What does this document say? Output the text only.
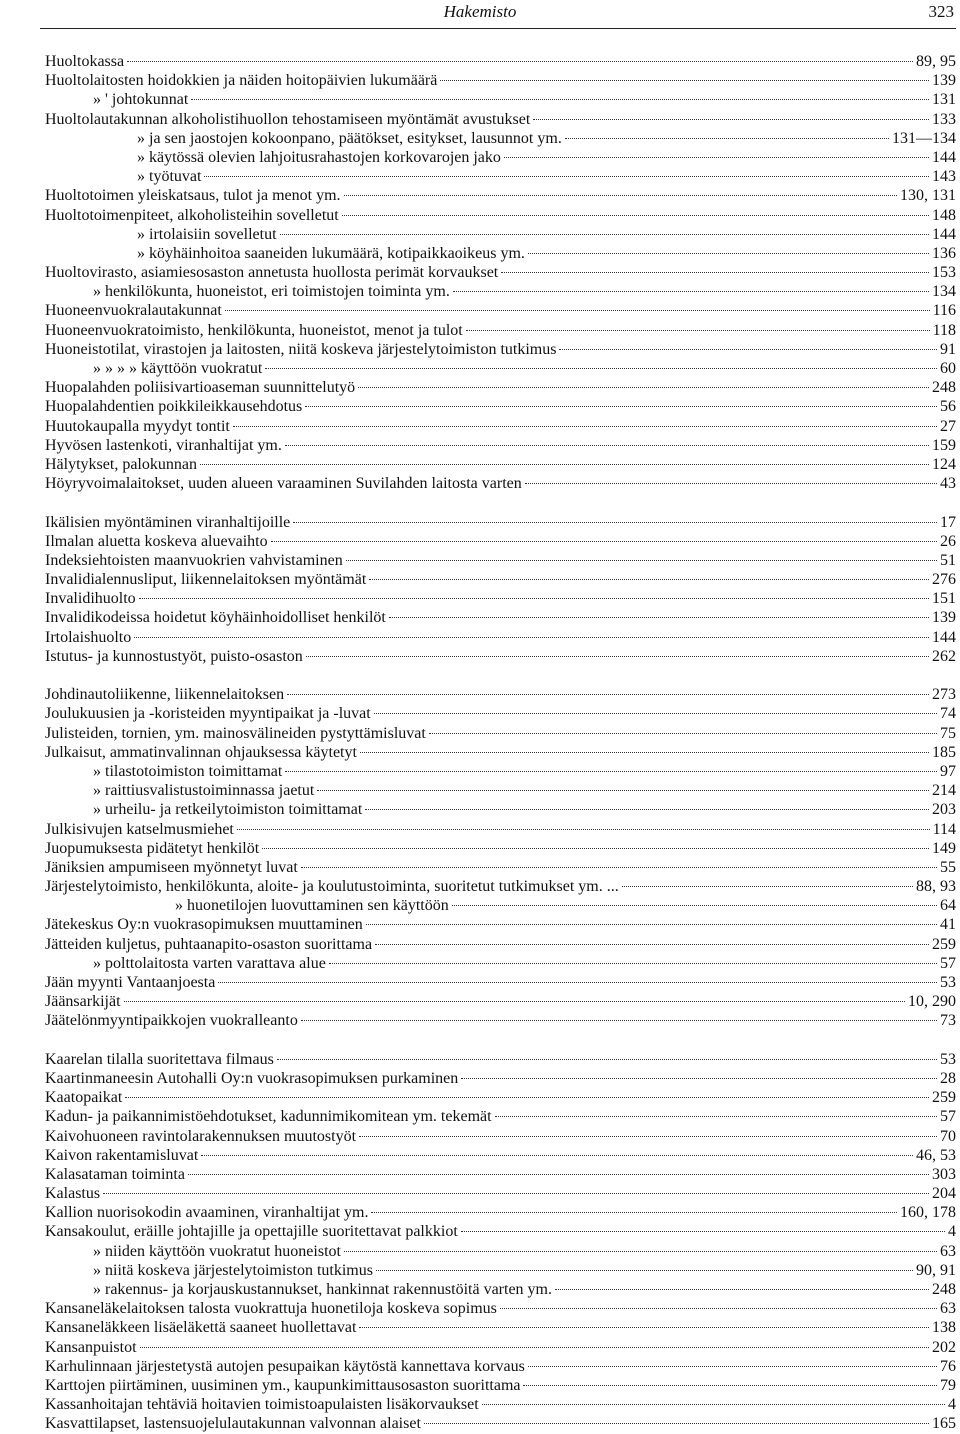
Hakemisto	323
Huoltokassa	89, 95
Huoltolaitosten hoidokkien ja näiden hoitopäivien lukumäärä	139
» ' johtokunnat	131
Huoltolautakunnan alkoholistihuollon tehostamiseen myöntämät avustukset	133
» ja sen jaostojen kokoonpano, päätökset, esitykset, lausunnot ym.	131—134
» käytössä olevien lahjoitusrahastojen korkovarojen jako	144
» työtuvat	143
Huoltotoimen yleiskatsaus, tulot ja menot ym.	130, 131
Huoltotoimenpiteet, alkoholisteihin sovelletut	148
» irtolaisiin sovelletut	144
» köyhäinhoitoa saaneiden lukumäärä, kotipaikkaoikeus ym.	136
Huoltovirasto, asiamiesosaston annetusta huollosta perimät korvaukset	153
» henkilökunta, huoneistot, eri toimistojen toiminta ym.	134
Huoneenvuokralautakunnat	116
Huoneenvuokratoimisto, henkilökunta, huoneistot, menot ja tulot	118
Huoneistotilat, virastojen ja laitosten, niitä koskeva järjestelytoimiston tutkimus	91
» » » » käyttöön vuokratut	60
Huopalahden poliisivartioaseman suunnittelutyö	248
Huopalahdentien poikkileikkausehdotus	56
Huutokaupalla myydyt tontit	27
Hyvösen lastenkoti, viranhaltijat ym.	159
Hälytykset, palokunnan	124
Höyryvoimalaitokset, uuden alueen varaaminen Suvilahden laitosta varten	43
Ikälisien myöntäminen viranhaltijoille	17
Ilmalan aluetta koskeva aluevaihto	26
Indeksiehtoisten maanvuokrien vahvistaminen	51
Invalidialennusliput, liikennelaitoksen myöntämät	276
Invalidihuolto	151
Invalidikodeissa hoidetut köyhäinhoidolliset henkilöt	139
Irtolaishuolto	144
Istutus- ja kunnostustyöt, puisto-osaston	262
Johdinautoliikenne, liikennelaitoksen	273
Joulukuusien ja -koristeiden myyntipaikat ja -luvat	74
Julisteiden, tornien, ym. mainosvälineiden pystyttämisluvat	75
Julkaisut, ammatinvalinnan ohjauksessa käytetyt	185
» tilastotoimiston toimittamat	97
» raittiusvalistustoiminnassa jaetut	214
» urheilu- ja retkeilytoimiston toimittamat	203
Julkisivujen katselmusmiehet	114
Juopumuksesta pidätetyt henkilöt	149
Jäniksien ampumiseen myönnetyt luvat	55
Järjestelytoimisto, henkilökunta, aloite- ja koulutustoiminta, suoritetut tutkimukset ym. ...	88, 93
» huonetilojen luovuttaminen sen käyttöön	64
Jätekeskus Oy:n vuokrasopimuksen muuttaminen	41
Jätteiden kuljetus, puhtaanapito-osaston suorittama	259
» polttolaitosta varten varattava alue	57
Jään myynti Vantaanjoesta	53
Jäänsarkijät	10, 290
Jäätelönmyyntipaikkojen vuokralleanto	73
Kaarelan tilalla suoritettava filmaus	53
Kaartinmaneesin Autohalli Oy:n vuokrasopimuksen purkaminen	28
Kaatopaikat	259
Kadun- ja paikannimistöehdotukset, kadunnimikomitean ym. tekemät	57
Kaivohuoneen ravintolarakennuksen muutostyöt	70
Kaivon rakentamisluvat	46, 53
Kalasataman toiminta	303
Kalastus	204
Kallion nuorisokodin avaaminen, viranhaltijat ym.	160, 178
Kansakoulut, eräille johtajille ja opettajille suoritettavat palkkiot	4
» niiden käyttöön vuokratut huoneistot	63
» niitä koskeva järjestelytoimiston tutkimus	90, 91
» rakennus- ja korjauskustannukset, hankinnat rakennustöitä varten ym.	248
Kansaneläkelaitoksen talosta vuokrattuja huonetiloja koskeva sopimus	63
Kansaneläkkeen lisäeläkettä saaneet huollettavat	138
Kansanpuistot	202
Karhulinnaan järjestetystä autojen pesupaikan käytöstä kannettava korvaus	76
Karttojen piirtäminen, uusiminen ym., kaupunkimittausosaston suorittama	79
Kassanhoitajan tehtäviä hoitavien toimistoapulaisten lisäkorvaukset	4
Kasvattilapset, lastensuojelulautakunnan valvonnan alaiset	165
